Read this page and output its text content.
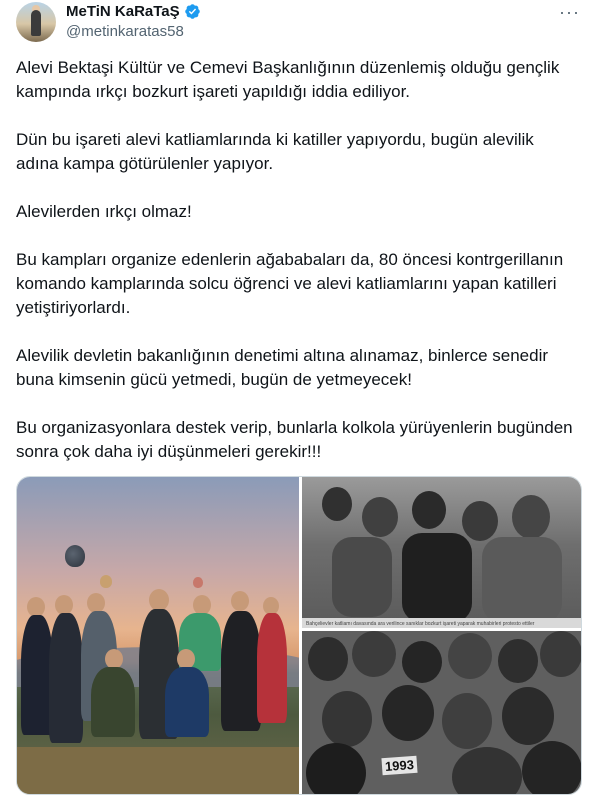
MeTiN KaRaTaŞ
@metinkaratas58
···

Alevi Bektaşi Kültür ve Cemevi Başkanlığının düzenlemiş olduğu gençlik kampında ırkçı bozkurt işareti yapıldığı iddia ediliyor.

Dün bu işareti alevi katliamlarında ki katiller yapıyordu, bugün alevilik adına kampa götürülenler yapıyor.

Alevilerden ırkçı olmaz!

Bu kampları organize edenlerin ağababaları da, 80 öncesi kontrgerillanın komando kamplarında solcu öğrenci ve alevi katliamlarını yapan katilleri yetiştiriyorlardı.

Alevilik devletin bakanlığının denetimi altına alınamaz, binlerce senedir buna kimsenin gücü yetmedi, bugün de yetmeyecek!

Bu organizasyonlara destek verip, bunlarla kolkola yürüyenlerin bugünden sonra çok daha iyi düşünmeleri gerekir!!!

Bahçelievler katliamı davasında ara verilince sanıklar bozkurt işareti yaparak muhabirleri protesto ettiler
1993
